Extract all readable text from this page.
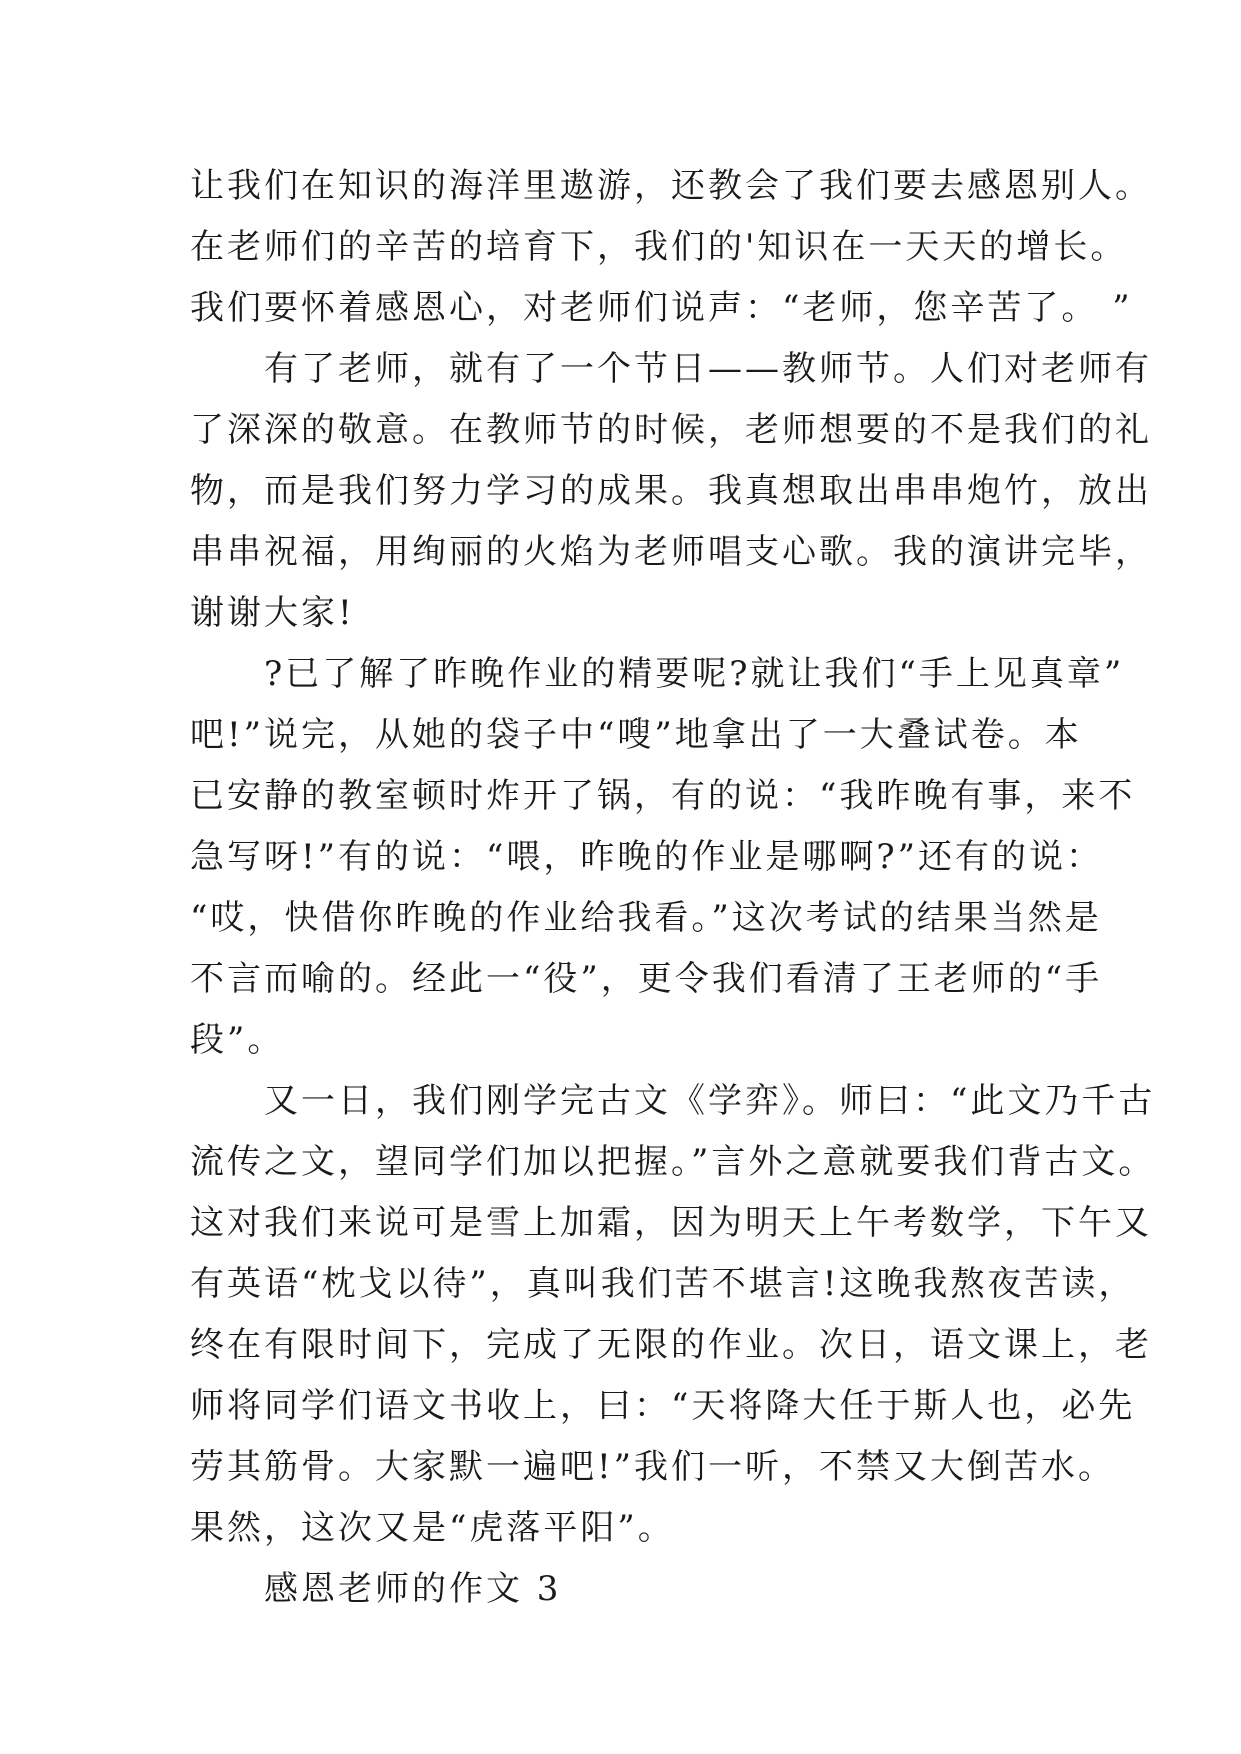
让我们在知识的海洋里遨游，还教会了我们要去感恩别人。
在老师们的辛苦的培育下，我们的'知识在一天天的增长。
我们要怀着感恩心，对老师们说声：“老师，您辛苦了。 ”
　　有了老师，就有了一个节日——教师节。人们对老师有
了深深的敬意。在教师节的时候，老师想要的不是我们的礼
物，而是我们努力学习的成果。我真想取出串串炮竹，放出
串串祝福，用绚丽的火焰为老师唱支心歌。我的演讲完毕，
谢谢大家!
　　?已了解了昨晚作业的精要呢?就让我们“手上见真章”
吧!”说完，从她的袋子中“嗖”地拿出了一大叠试卷。本
已安静的教室顿时炸开了锅，有的说：“我昨晚有事，来不
急写呀!”有的说：“喂，昨晚的作业是哪啊?”还有的说：
“哎，快借你昨晚的作业给我看。”这次考试的结果当然是
不言而喻的。经此一“役”，更令我们看清了王老师的“手
段”。
　　又一日，我们刚学完古文《学弈》。师曰：“此文乃千古
流传之文，望同学们加以把握。”言外之意就要我们背古文。
这对我们来说可是雪上加霜，因为明天上午考数学，下午又
有英语“枕戈以待”，真叫我们苦不堪言!这晚我熬夜苦读，
终在有限时间下，完成了无限的作业。次日，语文课上，老
师将同学们语文书收上，曰：“天将降大任于斯人也，必先
劳其筋骨。大家默一遍吧!”我们一听，不禁又大倒苦水。
果然，这次又是“虎落平阳”。
　　感恩老师的作文 3
